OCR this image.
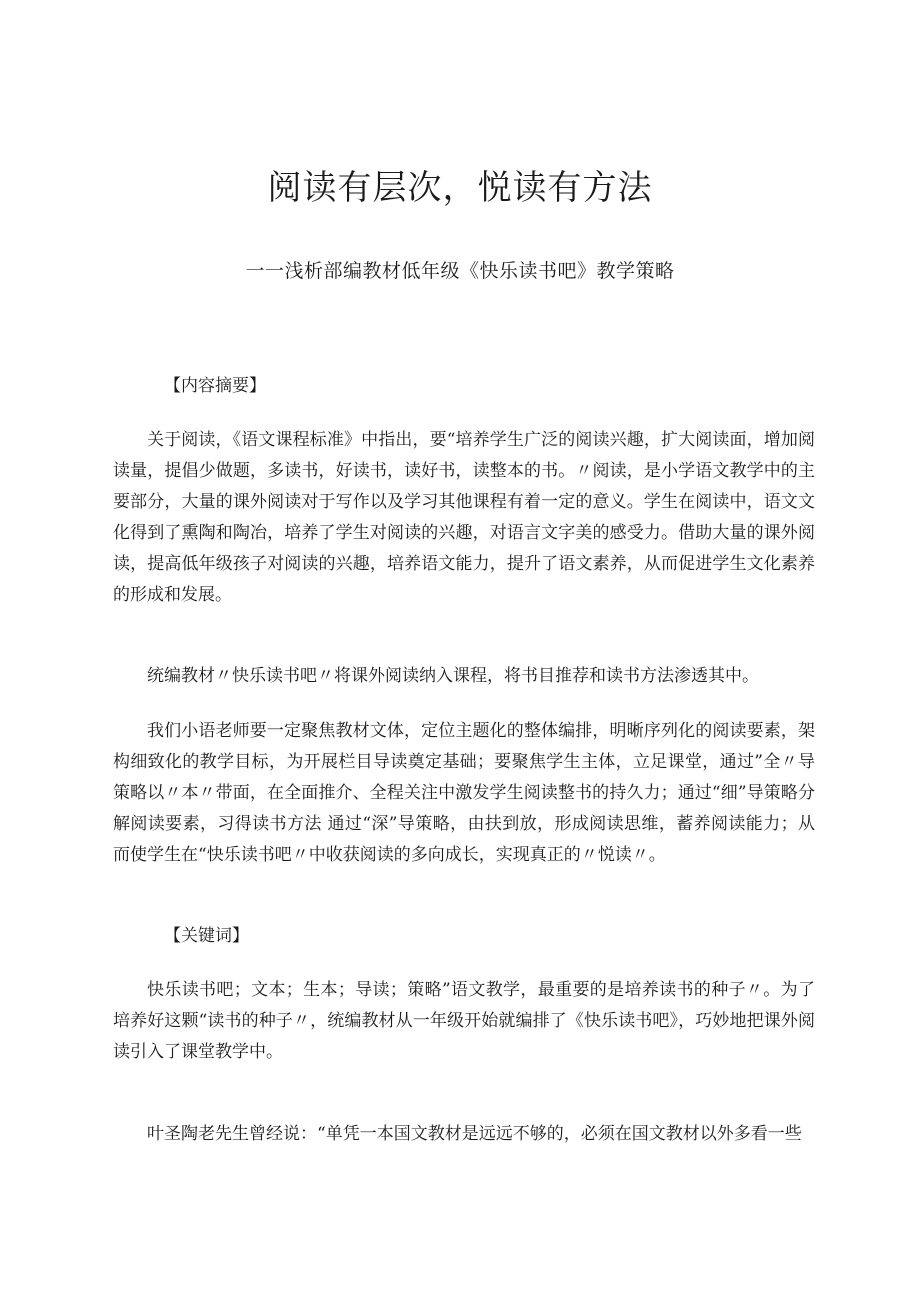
阅读有层次，悦读有方法
一一浅析部编教材低年级《快乐读书吧》教学策略

【内容摘要】

关于阅读，《语文课程标准》中指出，要“培养学生广泛的阅读兴趣，扩大阅读面，增加阅读量，提倡少做题，多读书，好读书，读好书，读整本的书。〃阅读，是小学语文教学中的主要部分，大量的课外阅读对于写作以及学习其他课程有着一定的意义。学生在阅读中，语文文化得到了熏陶和陶冶，培养了学生对阅读的兴趣，对语言文字美的感受力。借助大量的课外阅读，提高低年级孩子对阅读的兴趣，培养语文能力，提升了语文素养，从而促进学生文化素养的形成和发展。

统编教材〃快乐读书吧〃将课外阅读纳入课程，将书目推荐和读书方法渗透其中。

我们小语老师要一定聚焦教材文体，定位主题化的整体编排，明晰序列化的阅读要素，架构细致化的教学目标，为开展栏目导读奠定基础；要聚焦学生主体，立足课堂，通过”全〃导策略以〃本〃带面，在全面推介、全程关注中激发学生阅读整书的持久力；通过“细”导策略分解阅读要素，习得读书方法 通过“深”导策略，由扶到放，形成阅读思维，蓄养阅读能力；从而使学生在“快乐读书吧〃中收获阅读的多向成长，实现真正的〃悦读〃。

【关键词】

快乐读书吧；文本；生本；导读；策略”语文教学，最重要的是培养读书的种子〃。为了培养好这颗“读书的种子〃，统编教材从一年级开始就编排了《快乐读书吧》，巧妙地把课外阅读引入了课堂教学中。

叶圣陶老先生曾经说：“单凭一本国文教材是远远不够的，必须在国文教材以外多看一些
